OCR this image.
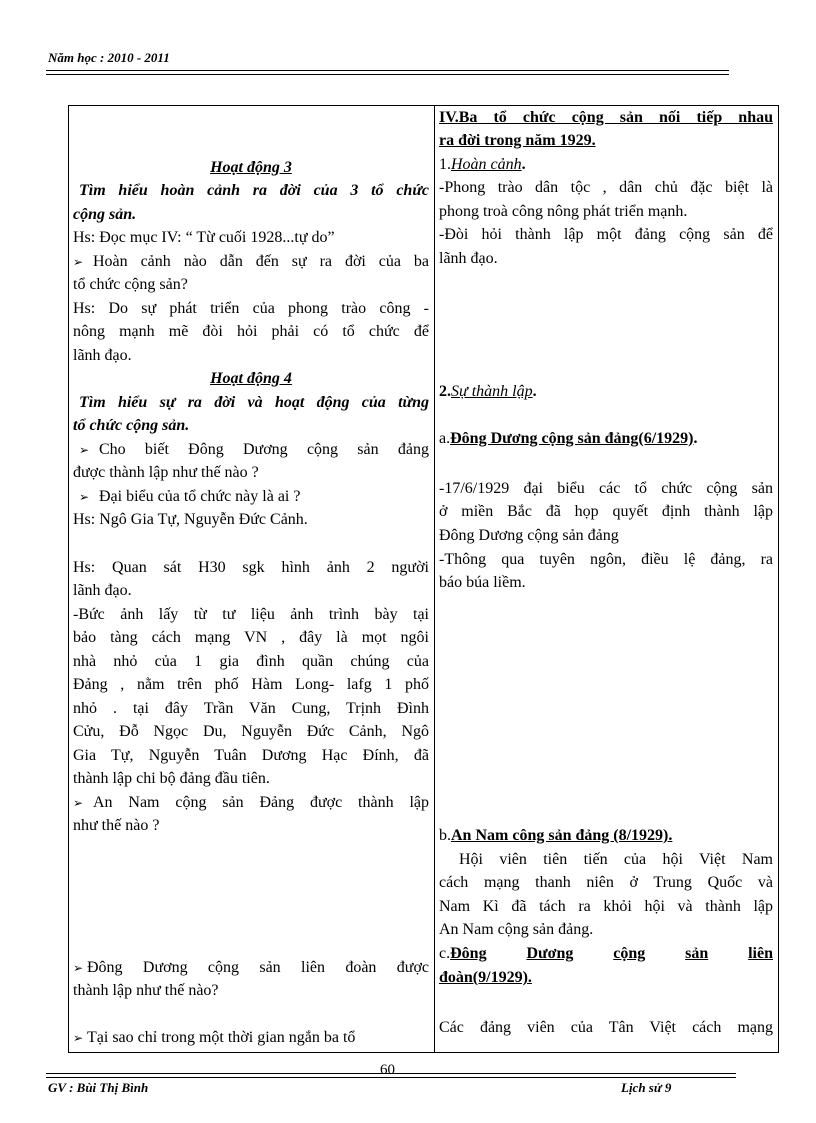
Năm học : 2010 - 2011
Hoạt động 3
Tìm hiểu hoàn cảnh ra đời của 3 tổ chức
cộng sản.
Hs: Đọc mục IV: “ Từ cuối 1928...tự do”
➢ Hoàn cảnh nào dẫn đến sự ra đời của ba
tổ chức cộng sản?
Hs: Do sự phát triển của phong trào công -
nông mạnh mẽ đòi hỏi phải có tổ chức để
lãnh đạo.
Hoạt động 4
Tìm hiểu sự ra đời và hoạt động của từng
tổ chức cộng sản.
➢ Cho biết Đông Dương cộng sản đảng
được thành lập như thế nào ?
➢ Đại biểu của tổ chức này là ai ?
Hs: Ngô Gia Tự, Nguyễn Đức Cảnh.
Hs: Quan sát H30 sgk hình ảnh 2 người
lãnh đạo.
-Bức ảnh lấy từ tư liệu ảnh trình bày tại
bảo tàng cách mạng VN , đây là mọt ngôi
nhà nhỏ của 1 gia đình quần chúng của
Đảng , nằm trên phố Hàm Long- lafg 1 phố
nhỏ . tại đây Trần Văn Cung, Trịnh Đình
Cửu, Đỗ Ngọc Du, Nguyễn Đức Cảnh, Ngô
Gia Tự, Nguyễn Tuân Dương Hạc Đính, đã
thành lập chi bộ đảng đầu tiên.
➢ An Nam cộng sản Đảng được thành lập
như thế nào ?
➢ Đông Dương cộng sản liên đoàn được
thành lập như thế nào?
➢ Tại sao chỉ trong một thời gian ngắn ba tổ
IV.Ba tổ chức cộng sản nối tiếp nhau
ra đời trong năm 1929.
1.Hoàn cảnh.
-Phong trào dân tộc , dân chủ đặc biệt là
phong troà công nông phát triển mạnh.
-Đòi hỏi thành lập một đảng cộng sản để
lãnh đạo.
2.Sự thành lập.
a.Đông Dương cộng sản đảng(6/1929).
-17/6/1929 đại biểu các tổ chức cộng sản
ở miền Bắc đã họp quyết định thành lập
Đông Dương cộng sản đảng
-Thông qua tuyên ngôn, điều lệ đảng, ra
báo búa liềm.
b.An Nam công sản đảng (8/1929).
Hội viên tiên tiến của hội Việt Nam
cách mạng thanh niên ở Trung Quốc và
Nam Kì đã tách ra khỏi hội và thành lập
An Nam cộng sản đảng.
c.Đông Dương cộng sản liên
đoàn(9/1929).
Các đảng viên của Tân Việt cách mạng
60
GV : Bùi Thị Bình	Lịch sử 9
